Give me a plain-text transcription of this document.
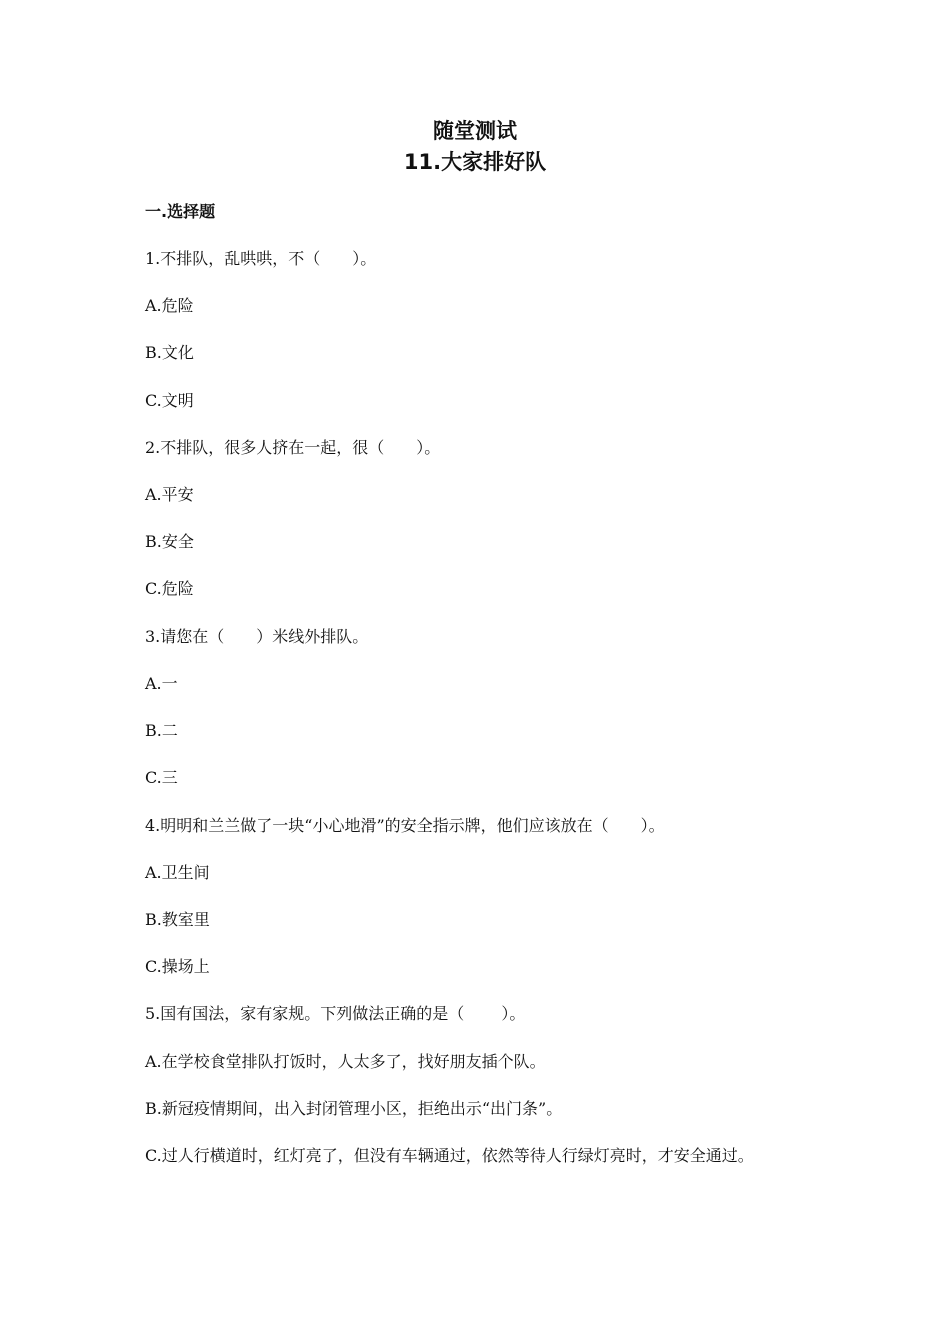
随堂测试
11.大家排好队
一.选择题
1.不排队，乱哄哄，不（　　）。
A.危险
B.文化
C.文明
2.不排队，很多人挤在一起，很（　　）。
A.平安
B.安全
C.危险
3.请您在（　　）米线外排队。
A.一
B.二
C.三
4.明明和兰兰做了一块“小心地滑”的安全指示牌，他们应该放在（　　）。
A.卫生间
B.教室里
C.操场上
5.国有国法，家有家规。下列做法正确的是（　　 ）。
A.在学校食堂排队打饭时，人太多了，找好朋友插个队。
B.新冠疫情期间，出入封闭管理小区，拒绝出示“出门条”。
C.过人行横道时，红灯亮了，但没有车辆通过，依然等待人行绿灯亮时，才安全通过。
